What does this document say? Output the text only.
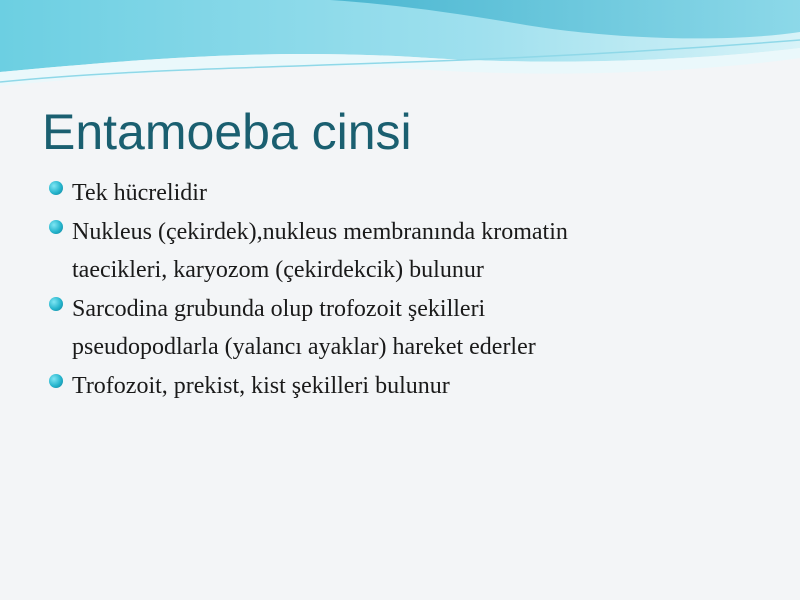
Entamoeba cinsi
Tek hücrelidir
Nukleus (çekirdek),nukleus membranında kromatin
taecikleri, karyozom (çekirdekcik) bulunur
Sarcodina grubunda olup trofozoit şekilleri
pseudopodlarla (yalancı ayaklar) hareket ederler
Trofozoit, prekist, kist şekilleri bulunur
